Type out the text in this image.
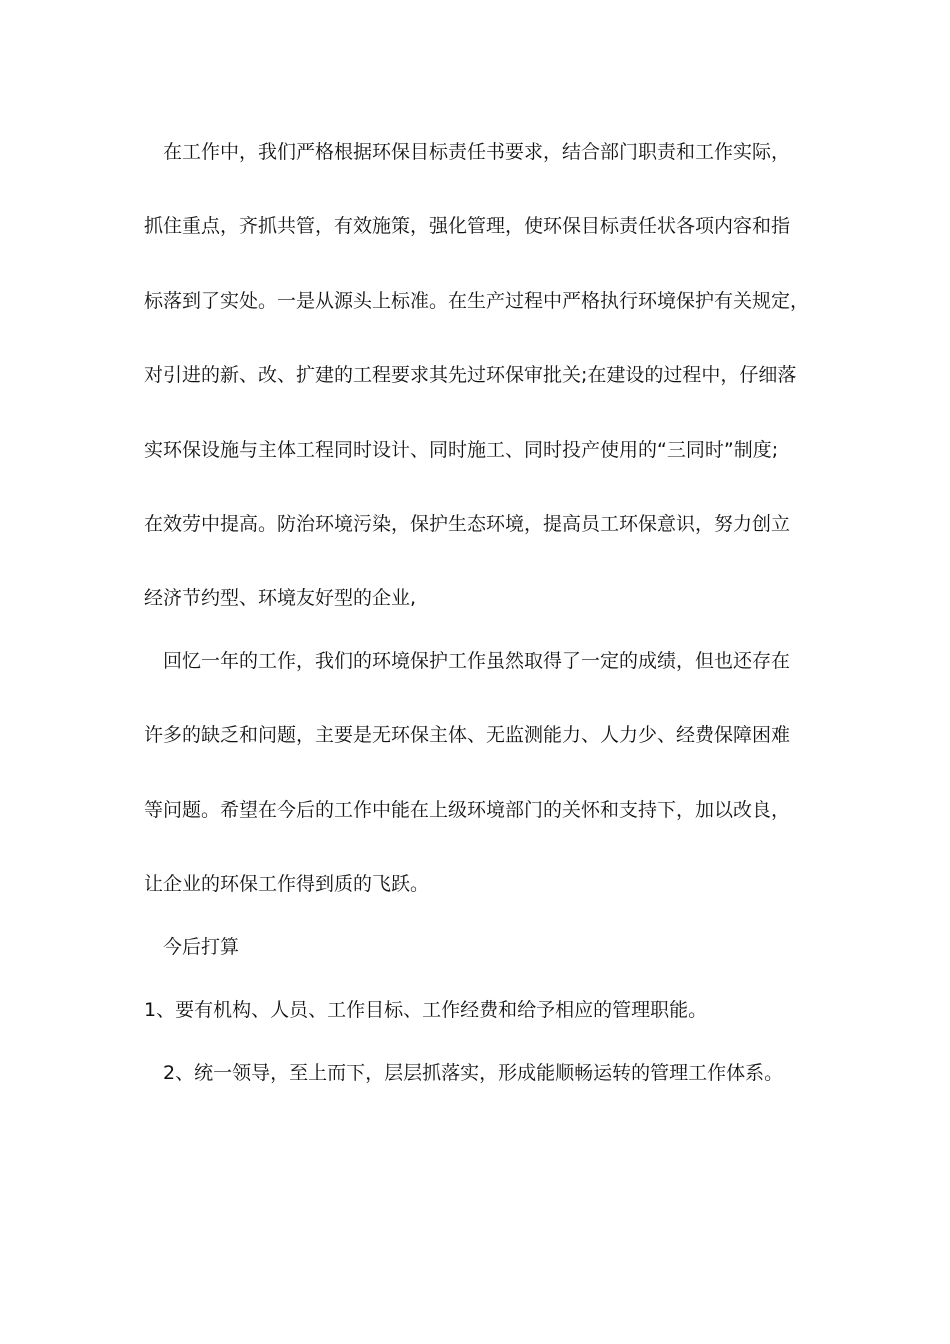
在工作中，我们严格根据环保目标责任书要求，结合部门职责和工作实际，
抓住重点，齐抓共管，有效施策，强化管理，使环保目标责任状各项内容和指
标落到了实处。一是从源头上标准。在生产过程中严格执行环境保护有关规定，
对引进的新、改、扩建的工程要求其先过环保审批关;在建设的过程中，仔细落
实环保设施与主体工程同时设计、同时施工、同时投产使用的“三同时”制度;
在效劳中提高。防治环境污染，保护生态环境，提高员工环保意识，努力创立
经济节约型、环境友好型的企业,
回忆一年的工作，我们的环境保护工作虽然取得了一定的成绩，但也还存在
许多的缺乏和问题，主要是无环保主体、无监测能力、人力少、经费保障困难
等问题。希望在今后的工作中能在上级环境部门的关怀和支持下，加以改良，
让企业的环保工作得到质的飞跃。
今后打算
1、要有机构、人员、工作目标、工作经费和给予相应的管理职能。
2、统一领导，至上而下，层层抓落实，形成能顺畅运转的管理工作体系。
